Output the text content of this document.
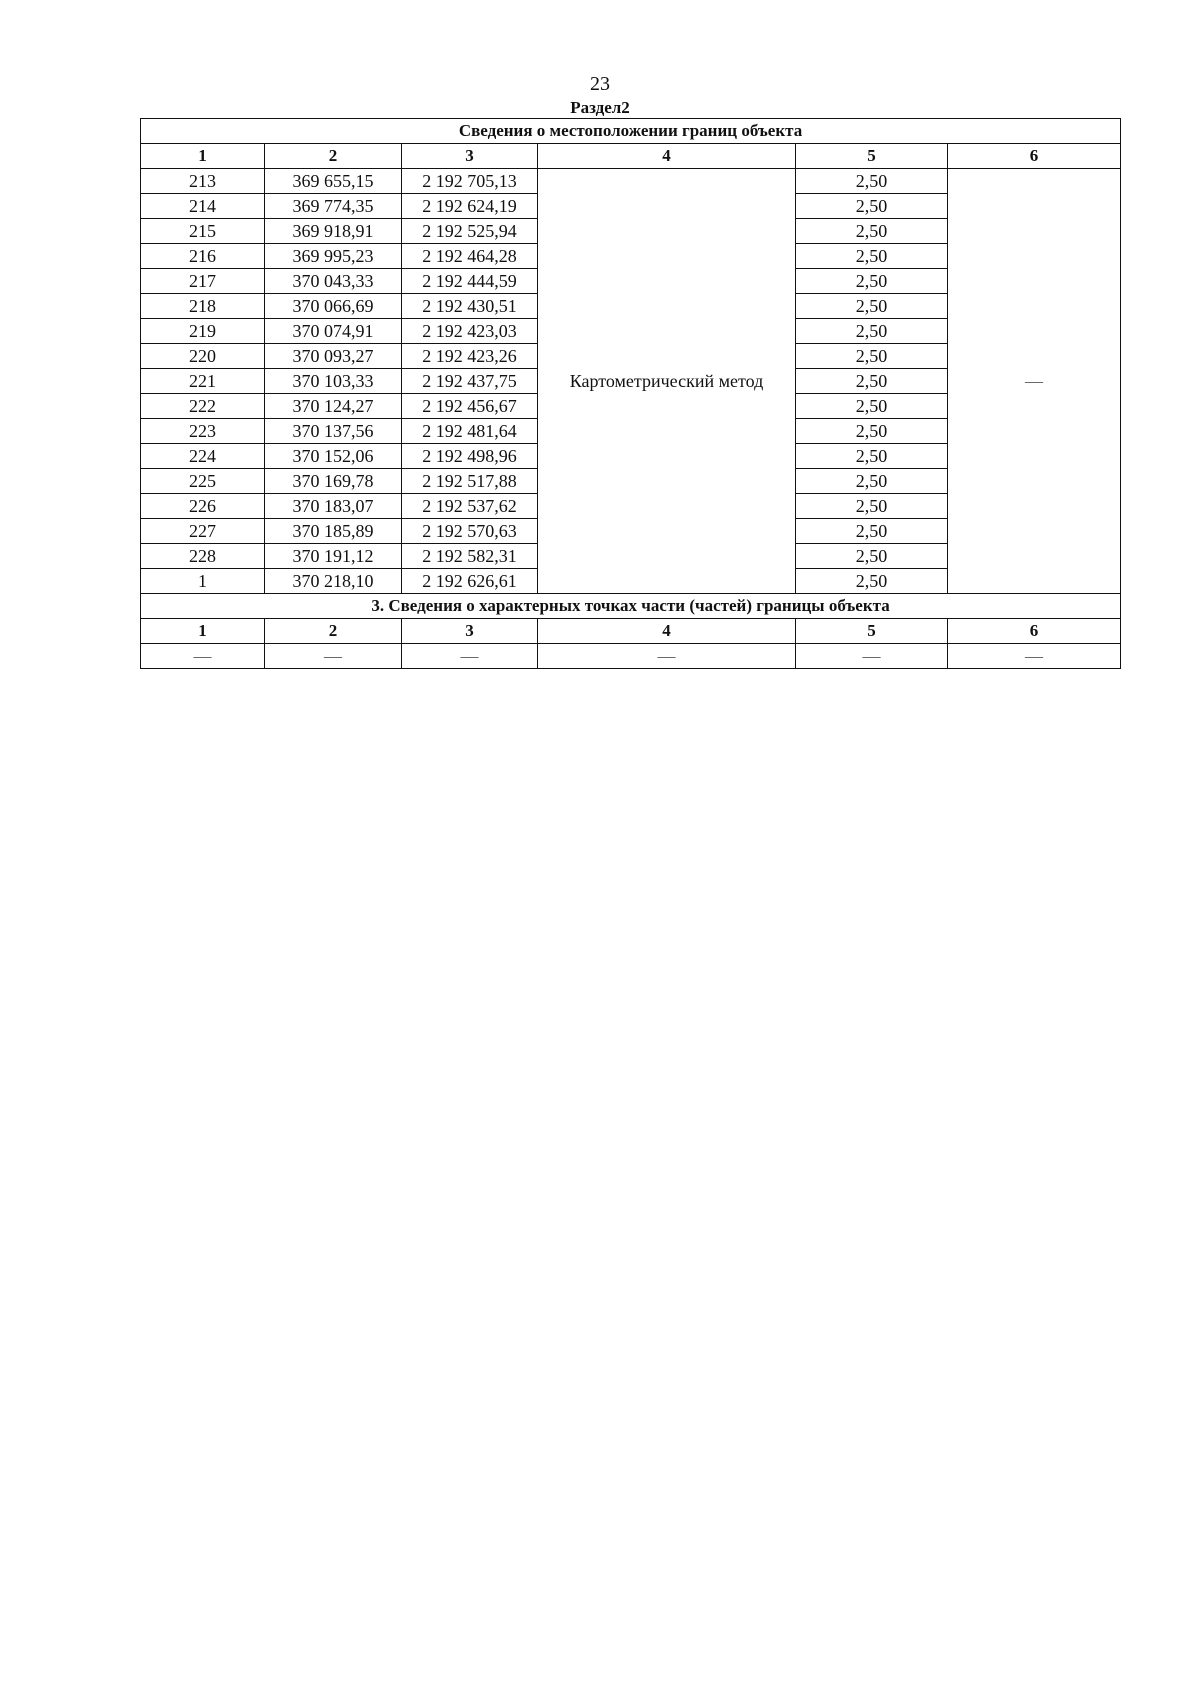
23
Раздел2
Сведения о местоположении границ объекта					
1	2	3	4	5	6
213	369 655,15	2 192 705,13	Картометрический метод	2,50	—
214	369 774,35	2 192 624,19		2,50	
215	369 918,91	2 192 525,94		2,50	
216	369 995,23	2 192 464,28		2,50	
217	370 043,33	2 192 444,59		2,50	
218	370 066,69	2 192 430,51		2,50	
219	370 074,91	2 192 423,03		2,50	
220	370 093,27	2 192 423,26		2,50	
221	370 103,33	2 192 437,75		2,50	
222	370 124,27	2 192 456,67		2,50	
223	370 137,56	2 192 481,64		2,50	
224	370 152,06	2 192 498,96		2,50	
225	370 169,78	2 192 517,88		2,50	
226	370 183,07	2 192 537,62		2,50	
227	370 185,89	2 192 570,63		2,50	
228	370 191,12	2 192 582,31		2,50	
1	370 218,10	2 192 626,61		2,50	
3. Сведения о характерных точках части (частей) границы объекта					
1	2	3	4	5	6
—	—	—	—	—	—
